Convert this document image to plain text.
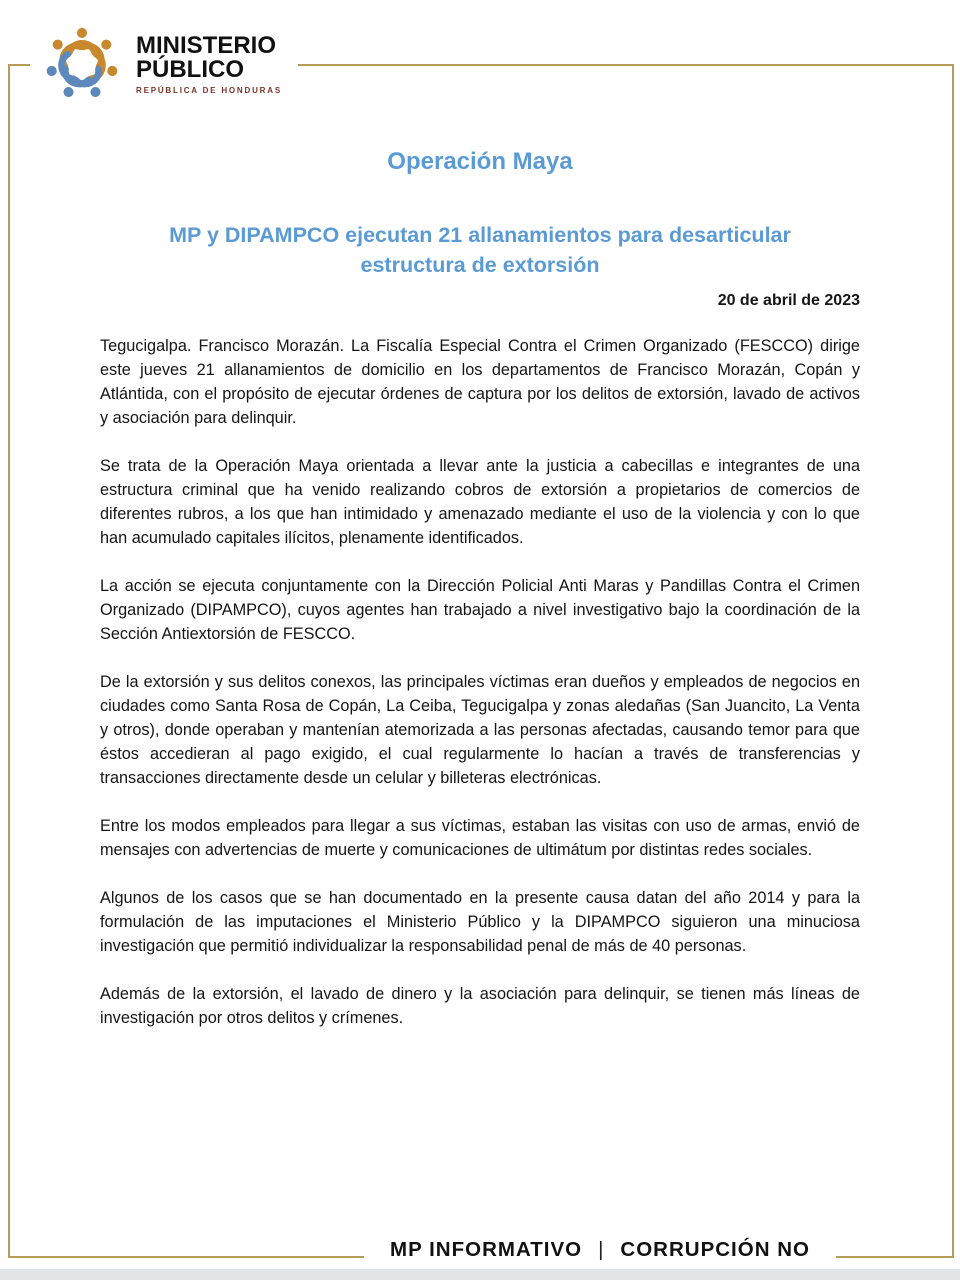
MINISTERIO
PÚBLICO
REPÚBLICA DE HONDURAS
Operación Maya
MP y DIPAMPCO ejecutan 21 allanamientos para desarticular
estructura de extorsión
20 de abril de 2023

Tegucigalpa. Francisco Morazán. La Fiscalía Especial Contra el Crimen Organizado (FESCCO) dirige este jueves 21 allanamientos de domicilio en los departamentos de Francisco Morazán, Copán y Atlántida, con el propósito de ejecutar órdenes de captura por los delitos de extorsión, lavado de activos y asociación para delinquir.

Se trata de la Operación Maya orientada a llevar ante la justicia a cabecillas e integrantes de una estructura criminal que ha venido realizando cobros de extorsión a propietarios de comercios de diferentes rubros, a los que han intimidado y amenazado mediante el uso de la violencia y con lo que han acumulado capitales ilícitos, plenamente identificados.

La acción se ejecuta conjuntamente con la Dirección Policial Anti Maras y Pandillas Contra el Crimen Organizado (DIPAMPCO), cuyos agentes han trabajado a nivel investigativo bajo la coordinación de la Sección Antiextorsión de FESCCO.

De la extorsión y sus delitos conexos, las principales víctimas eran dueños y empleados de negocios en ciudades como Santa Rosa de Copán, La Ceiba, Tegucigalpa y zonas aledañas (San Juancito, La Venta y otros), donde operaban y mantenían atemorizada a las personas afectadas, causando temor para que éstos accedieran al pago exigido, el cual regularmente lo hacían a través de transferencias y transacciones directamente desde un celular y billeteras electrónicas.

Entre los modos empleados para llegar a sus víctimas, estaban las visitas con uso de armas, envió de mensajes con advertencias de muerte y comunicaciones de ultimátum por distintas redes sociales.

Algunos de los casos que se han documentado en la presente causa datan del año 2014 y para la formulación de las imputaciones el Ministerio Público y la DIPAMPCO siguieron una minuciosa investigación que permitió individualizar la responsabilidad penal de más de 40 personas.

Además de la extorsión, el lavado de dinero y la asociación para delinquir, se tienen más líneas de investigación por otros delitos y crímenes.

MP INFORMATIVO | CORRUPCIÓN NO
